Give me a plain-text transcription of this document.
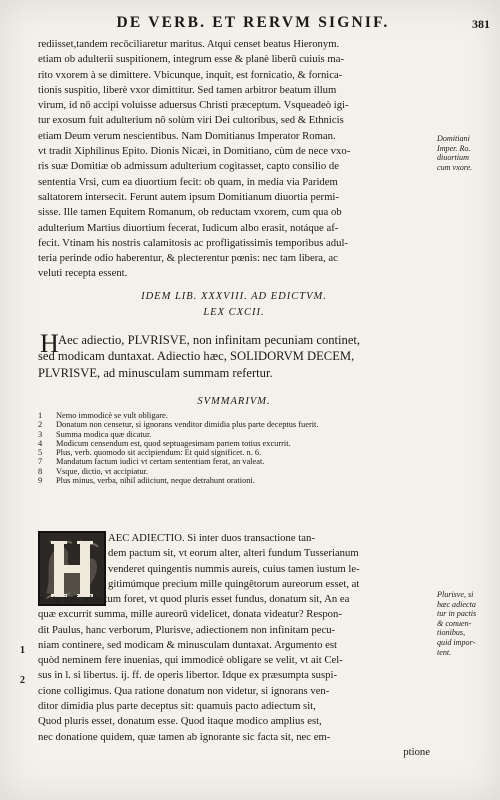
DE VERB. ET RERVM SIGNIF.	381
rediisset,tandem recōciliaretur maritus. Atqui censet beatus Hieronym.
etiam ob adulterii suspitionem, integrum esse & planè liberū cuiuis ma-
rito vxorem à se dimittere. Vbicunque, inquit, est fornicatio, & fornica-
tionis suspitio, liberè vxor dimittitur. Sed tamen arbitror beatum illum
virum, id nō accipi voluisse aduersus Christi præceptum. Vsqueadeò igi-
tur exosum fuit adulterium nō solùm viri Dei cultoribus, sed & Ethnicis
etiam Deum verum nescientibus. Nam Domitianus Imperator Roman.
vt tradit Xiphilinus Epito. Dionis Nicæi, in Domitiano, cùm de nece vxo-
ris suæ Domitiæ ob admissum adulterium cogitasset, capto consilio de
sententia Vrsi, cum ea diuortium fecit: ob quam, in media via Paridem
saltatorem intersecit. Ferunt autem ipsum Domitianum diuortia permi-
sisse. Ille tamen Equitem Romanum, ob reductam vxorem, cum qua ob
adulterium Martius diuortium fecerat, Iudicum albo erasit, notáque af-
fecit. Vtinam his nostris calamitosis ac profligatissimis temporibus adul-
teria perinde odio haberentur, & plecterentur pœnis: nec tam libera, ac
veluti recepta essent.
Domitiani
Imper. Ro.
diuortium
cum vxore.
IDEM LIB. XXXVIII. AD EDICTVM.
LEX CXCII.
H Aec adiectio, PLVRISVE, non infinitam pecuniam continet,
sed modicam duntaxat. Adiectio hæc, SOLIDORVM DECEM,
PLVRISVE, ad minusculam summam refertur.
SVMMARIVM.
1	Nemo immodicè se vult obligare.
2	Donatum non censetur, si ignorans venditor dimidia plus parte deceptus fuerit.
3	Summa modica quæ dicatur.
4	Modicum censendum est, quod septuagesimam partem totius excurrit.
5	Plus, verb. quomodo sit accipiendum: Et quid significet. n. 6.
7	Mandatum factum iudici vt certam sententiam ferat, an valeat.
8	Vsque, dictio, vt accipiatur.
9	Plus minus, verba, nihil adiiciunt, neque detrahunt orationi.
AEC ADIECTIO. Si inter duos transactione tan-
dem pactum sit, vt eorum alter, alteri fundum Tusserianum
venderet quingentis nummis aureis, cuius tamen iustum le-
gitimúmque precium mille quingētorum aureorum esset, at
pacto ipsi adiectum foret, vt quod pluris esset fundus, donatum sit, An ea
quæ excurrit summa, mille aureorū videlicet, donata videatur? Respon-
dit Paulus, hanc verborum, Plurisve, adiectionem non infinitam pecu-
niam continere, sed modicam & minusculam duntaxat. Argumento est
quòd neminem fere inuenias, qui immodicè obligare se velit, vt ait Cel-
sus in l. si libertus. ij. ff. de operis libertor. Idque ex præsumpta suspi-
cione colligimus. Qua ratione donatum non videtur, si ignorans ven-
ditor dimidia plus parte deceptus sit: quamuis pacto adiectum sit,
Quod pluris esset, donatum esse. Quod itaque modico amplius est,
nec donatione quidem, quæ tamen ab ignorante sic facta sit, nec em-
ptione
Plurisve, si
hæc adiecta
tur in pactis
& conuen-
tionibus,
quid impor-
tent.
1
2
